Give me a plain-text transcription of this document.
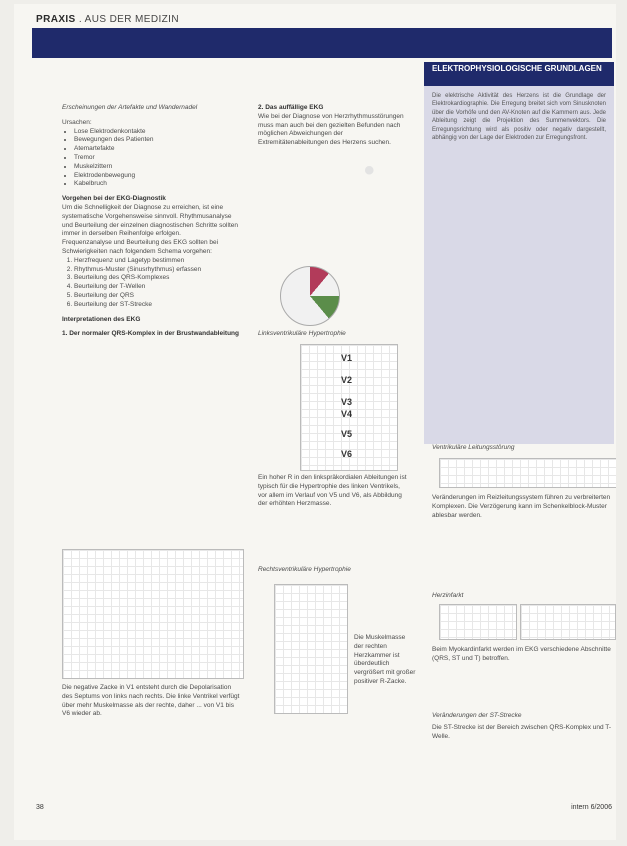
PRAXIS . AUS DER MEDIZIN
•
ELEKTROPHYSIOLOGISCHE GRUNDLAGEN
Die elektrische Aktivität des Herzens ist die Grundlage der Elektrokardiographie. Die Erregung breitet sich vom Sinusknoten über die Vorhöfe und den AV-Knoten auf die Kammern aus. Jede Ableitung zeigt die Projektion des Summenvektors. Die Erregungsrichtung wird als positiv oder negativ dargestellt, abhängig von der Lage der Elektroden zur Erregungsfront.
Erscheinungen der Artefakte und Wandernadel
Ursachen:
• Lose Elektrodenkontakte
• Bewegungen des Patienten
• Atemartefakte
• Tremor
• Muskelzittern
• Elektrodenbewegung
• Kabelbruch
Vorgehen bei der EKG-Diagnostik
Um die Schnelligkeit der Diagnose zu erreichen, ist eine systematische Vorgehensweise sinnvoll. Rhythmusanalyse und Beurteilung der einzelnen diagnostischen Schritte sollten immer in derselben Reihenfolge erfolgen.
Frequenzanalyse und Beurteilung des EKG sollten bei Schwierigkeiten nach folgendem Schema vorgehen:
1. Herzfrequenz und Lagetyp bestimmen
2. Rhythmus-Muster (Sinusrhythmus) erfassen
3. Beurteilung des QRS-Komplexes
4. Beurteilung der T-Wellen
5. Beurteilung der QRS
6. Beurteilung der ST-Strecke
Interpretationen des EKG
1. Der normaler QRS-Komplex in der Brustwandableitung
Die negative Zacke in V1 entsteht durch die Depolarisation des Septums von links nach rechts. Die linke Ventrikel verfügt über mehr Muskelmasse als der rechte, daher ... von V1 bis V6 wieder ab.
2. Das auffällige EKG
Wie bei der Diagnose von Herzrhythmusstörungen muss man auch bei den gezielten Befunden nach möglichen Abweichungen der Extremitätenableitungen des Herzens suchen.
Linksventrikuläre Hypertrophie
V1
V2
V3
V4
V5
V6
Ein hoher R in den linkspräkordialen Ableitungen ist typisch für die Hypertrophie des linken Ventrikels, vor allem im Verlauf von V5 und V6, als Abbildung der erhöhten Herzmasse.
Rechtsventrikuläre Hypertrophie
Die Muskelmasse der rechten Herzkammer ist überdeutlich vergrößert mit großer positiver R-Zacke.
Ventrikuläre Leitungsstörung
Veränderungen im Reizleitungssystem führen zu verbreiterten Komplexen. Die Verzögerung kann im Schenkelblock-Muster ablesbar werden.
Herzinfarkt
Beim Myokardinfarkt werden im EKG verschiedene Abschnitte (QRS, ST und T) betroffen.
Veränderungen der ST-Strecke
Die ST-Strecke ist der Bereich zwischen QRS-Komplex und T-Welle.
38	intern 6/2006
